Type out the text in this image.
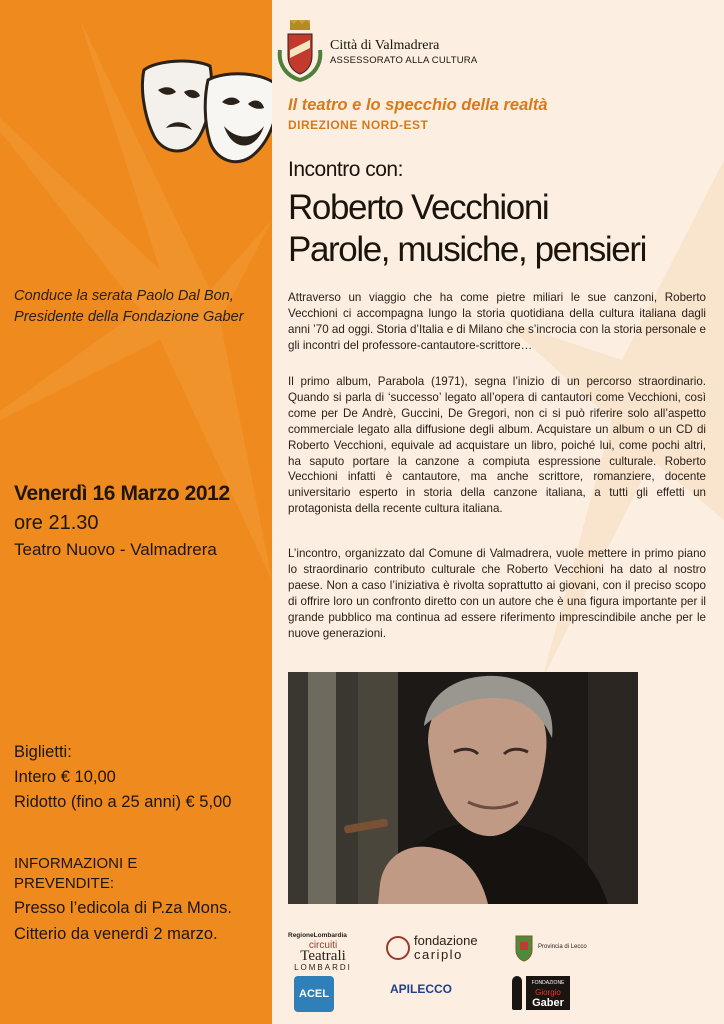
Conduce la serata Paolo Dal Bon,
Presidente della Fondazione Gaber
Venerdì 16 Marzo 2012
ore 21.30
Teatro Nuovo - Valmadrera
Biglietti:
Intero € 10,00
Ridotto (fino a 25 anni) € 5,00
INFORMAZIONI E
PREVENDITE:
Presso l’edicola di P.za Mons.
Citterio da venerdì 2 marzo.
Città di Valmadrera
ASSESSORATO ALLA CULTURA
Il teatro e lo specchio della realtà
DIREZIONE NORD-EST
Incontro con:
Roberto Vecchioni
Parole, musiche, pensieri
Attraverso un viaggio che ha come pietre miliari le sue canzoni, Roberto Vecchioni ci accompagna lungo la storia quotidiana della cultura italiana dagli anni ’70 ad oggi. Storia d’Italia e di Milano che s’incrocia con la storia personale e gli incontri del professore-cantautore-scrittore…
Il primo album, Parabola (1971), segna l’inizio di un percorso straordinario. Quando si parla di ‘successo’ legato all’opera di cantautori come Vecchioni, così come per De Andrè, Guccini, De Gregori, non ci si può riferire solo all’aspetto commerciale legato alla diffusione degli album. Acquistare un album o un CD di Roberto Vecchioni, equivale ad acquistare un libro, poiché lui, come pochi altri, ha saputo portare la canzone a compiuta espressione culturale. Roberto Vecchioni infatti è cantautore, ma anche scrittore, romanziere, docente universitario esperto in storia della canzone italiana, a tutti gli effetti un protagonista della recente cultura italiana.
L’incontro, organizzato dal Comune di Valmadrera, vuole mettere in primo piano lo straordinario contributo culturale che Roberto Vecchioni ha dato al nostro paese. Non a caso l’iniziativa è rivolta soprattutto ai giovani, con il preciso scopo di offrire loro un confronto diretto con un autore che è una figura importante per il grande pubblico ma continua ad essere riferimento imprescindibile anche per le nuove generazioni.
RegioneLombardia
circuiti
Teatrali
LOMBARDI
fondazione
cariplo	Provincia di Lecco
ACEL	APILECCO	FONDAZIONE
Giorgio
Gaber
